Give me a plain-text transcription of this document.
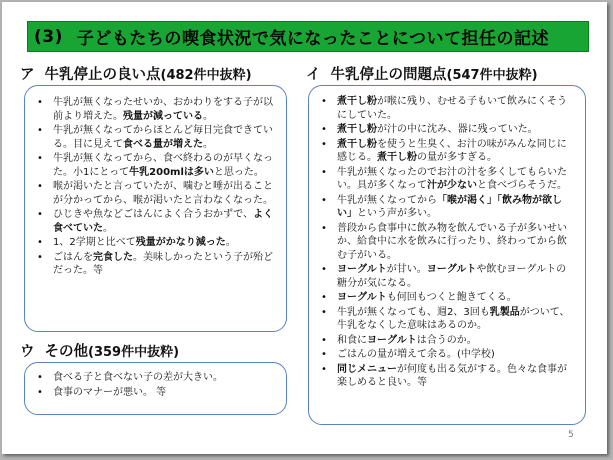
(3) 子どもたちの喫食状況で気になったことについて担任の記述
ア 牛乳停止の良い点(482件中抜粋)
• 牛乳が無くなったせいか、おかわりをする子が以前より増えた。残量が減っている。
• 牛乳が無くなってからほとんど毎日完食できている。目に見えて食べる量が増えた。
• 牛乳が無くなってから、食べ終わるのが早くなった。小1にとって牛乳200mlは多いと思った。
• 喉が渇いたと言っていたが、噛むと唾が出ることが分かってから、喉が渇いたと言わなくなった。
• ひじきや魚などごはんによく合うおかずで、よく食べていた。
• 1、2学期と比べて残量がかなり減った。
• ごはんを完食した。美味しかったという子が殆どだった。等
イ 牛乳停止の問題点(547件中抜粋)
• 煮干し粉が喉に残り、むせる子もいて飲みにくそうにしていた。
• 煮干し粉が汁の中に沈み、器に残っていた。
• 煮干し粉を使うと生臭く、お汁の味がみんな同じに感じる。煮干し粉の量が多すぎる。
• 牛乳が無くなったのでお汁の汁を多くしてもらいたい。具が多くなって汁が少ないと食べづらそうだ。
• 牛乳が無くなってから「喉が渇く」「飲み物が欲しい」という声が多い。
• 普段から食事中に飲み物を飲んでいる子が多いせいか、給食中に水を飲みに行ったり、終わってから飲む子がいる。
• ヨーグルトが甘い。ヨーグルトや飲むヨーグルトの糖分が気になる。
• ヨーグルトも何回もつくと飽きてくる。
• 牛乳が無くなっても、週2、3回も乳製品がついて、牛乳をなくした意味はあるのか。
• 和食にヨーグルトは合うのか。
• ごはんの量が増えて余る。(中学校)
• 同じメニューが何度も出る気がする。色々な食事が楽しめると良い。等
ウ その他(359件中抜粋)
• 食べる子と食べない子の差が大きい。
• 食事のマナーが悪い。 等
5
